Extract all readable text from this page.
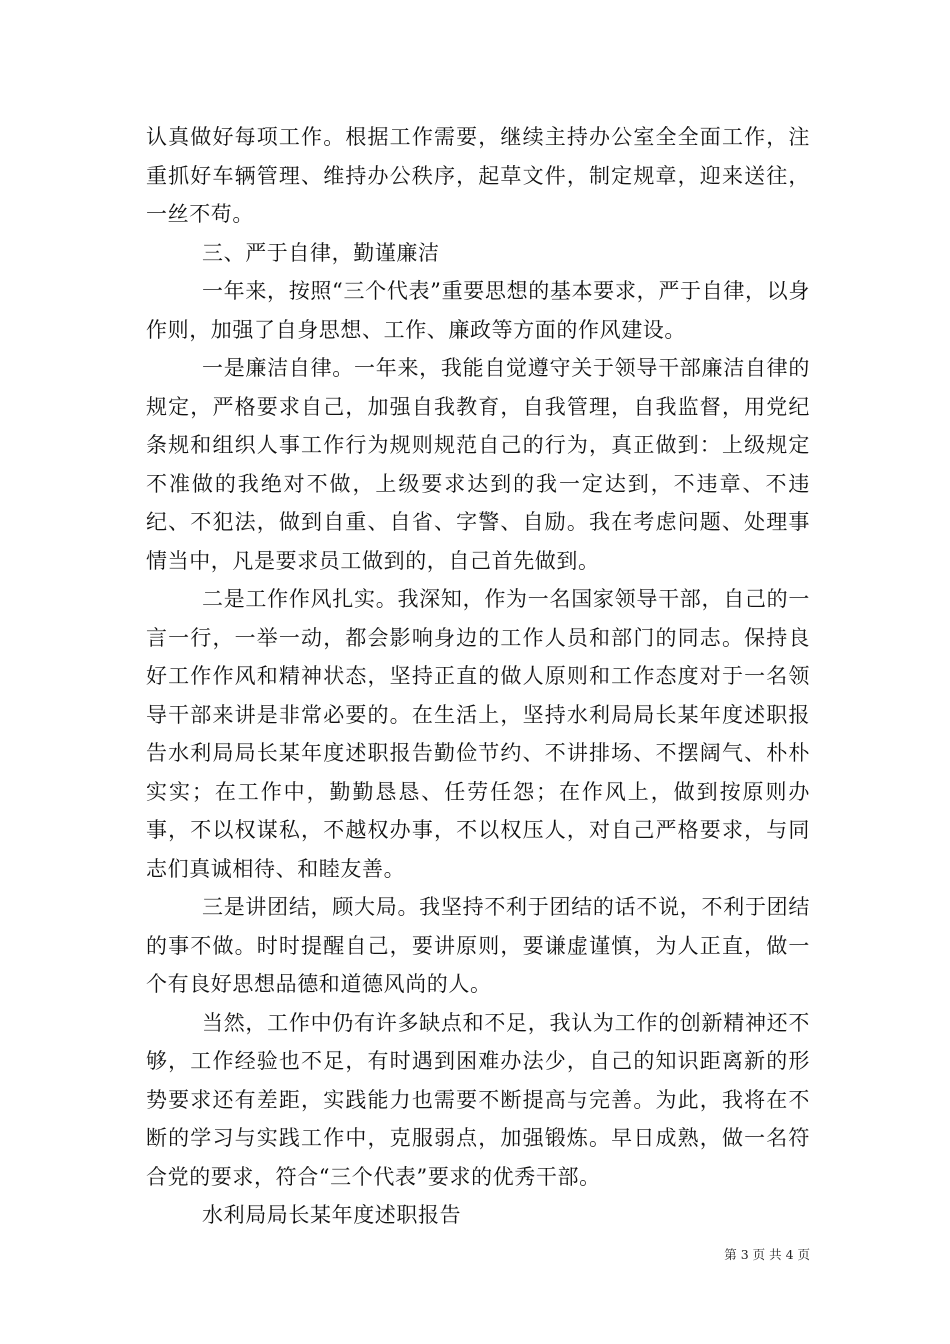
认真做好每项工作。根据工作需要，继续主持办公室全全面工作，注重抓好车辆管理、维持办公秩序，起草文件，制定规章，迎来送往，一丝不苟。

三、严于自律，勤谨廉洁

一年来，按照“三个代表”重要思想的基本要求，严于自律，以身作则，加强了自身思想、工作、廉政等方面的作风建设。

一是廉洁自律。一年来，我能自觉遵守关于领导干部廉洁自律的规定，严格要求自己，加强自我教育，自我管理，自我监督，用党纪条规和组织人事工作行为规则规范自己的行为，真正做到：上级规定不准做的我绝对不做，上级要求达到的我一定达到，不违章、不违纪、不犯法，做到自重、自省、字警、自励。我在考虑问题、处理事情当中，凡是要求员工做到的，自己首先做到。

二是工作作风扎实。我深知，作为一名国家领导干部，自己的一言一行，一举一动，都会影响身边的工作人员和部门的同志。保持良好工作作风和精神状态，坚持正直的做人原则和工作态度对于一名领导干部来讲是非常必要的。在生活上，坚持水利局局长某年度述职报告水利局局长某年度述职报告勤俭节约、不讲排场、不摆阔气、朴朴实实；在工作中，勤勤恳恳、任劳任怨；在作风上，做到按原则办事，不以权谋私，不越权办事，不以权压人，对自己严格要求，与同志们真诚相待、和睦友善。

三是讲团结，顾大局。我坚持不利于团结的话不说，不利于团结的事不做。时时提醒自己，要讲原则，要谦虚谨慎，为人正直，做一个有良好思想品德和道德风尚的人。

当然，工作中仍有许多缺点和不足，我认为工作的创新精神还不够，工作经验也不足，有时遇到困难办法少，自己的知识距离新的形势要求还有差距，实践能力也需要不断提高与完善。为此，我将在不断的学习与实践工作中，克服弱点，加强锻炼。早日成熟，做一名符合党的要求，符合“三个代表”要求的优秀干部。

水利局局长某年度述职报告

第 3 页 共 4 页
